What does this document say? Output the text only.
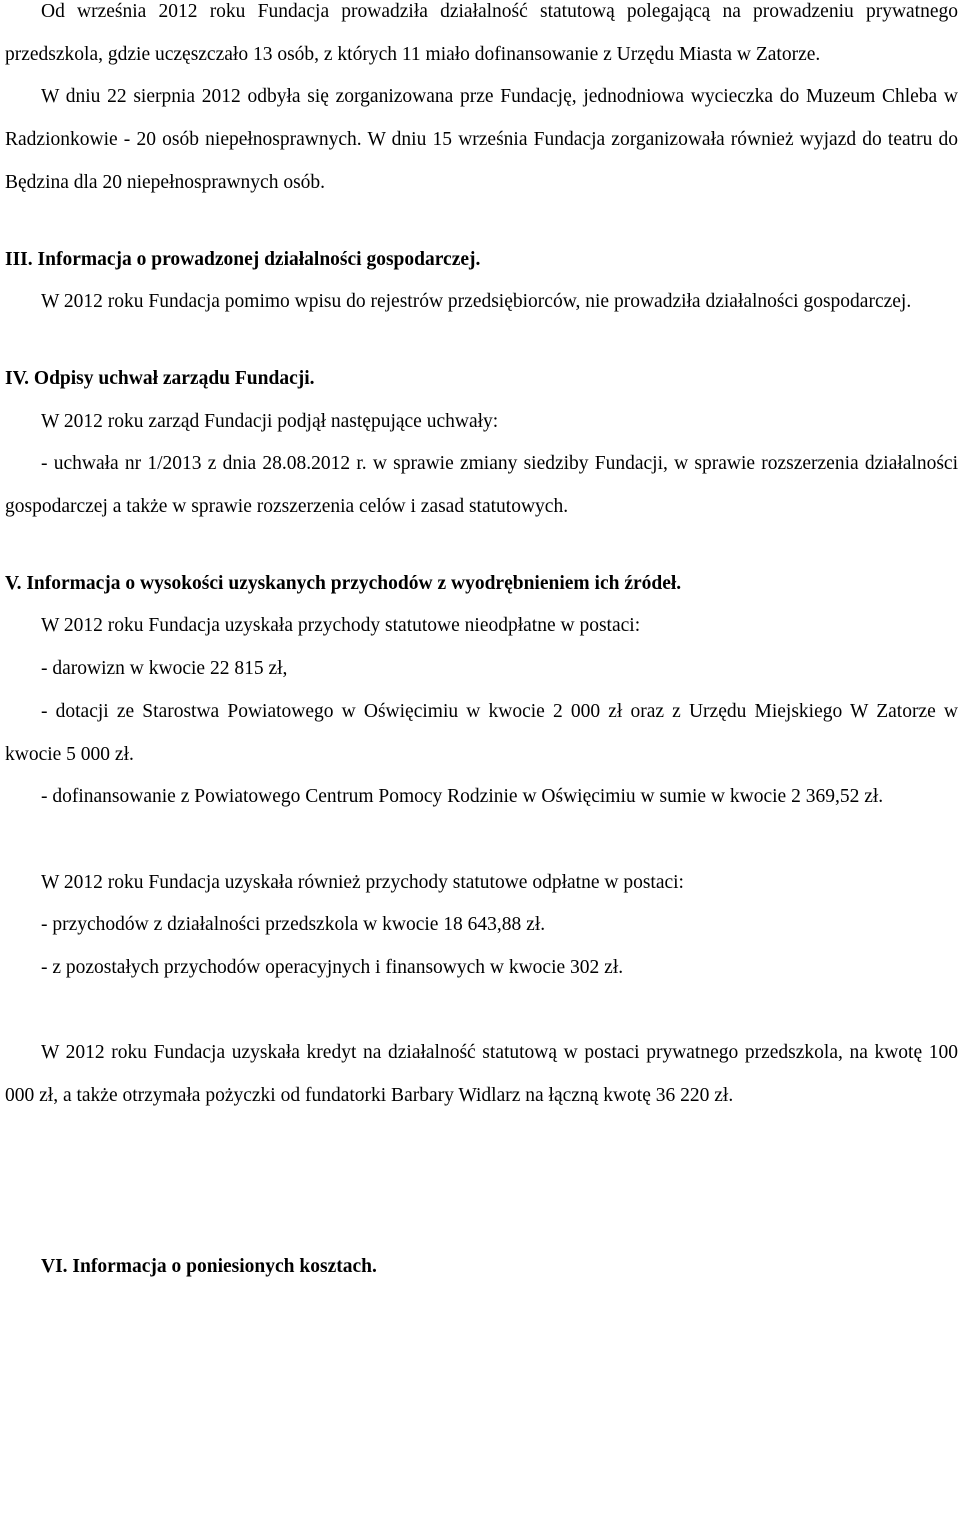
Od września 2012 roku Fundacja prowadziła działalność statutową polegającą na prowadzeniu prywatnego przedszkola, gdzie uczęszczało 13 osób, z których 11 miało dofinansowanie z Urzędu Miasta w Zatorze.

W dniu 22 sierpnia 2012 odbyła się zorganizowana prze Fundację, jednodniowa wycieczka do Muzeum Chleba w Radzionkowie - 20 osób niepełnosprawnych. W dniu 15 września Fundacja zorganizowała również wyjazd do teatru do Będzina dla 20 niepełnosprawnych osób.

III. Informacja o prowadzonej działalności gospodarczej.

W 2012 roku Fundacja pomimo wpisu do rejestrów przedsiębiorców, nie prowadziła działalności gospodarczej.

IV. Odpisy uchwał zarządu Fundacji.

W 2012 roku zarząd Fundacji podjął następujące uchwały:

- uchwała nr 1/2013 z dnia 28.08.2012 r. w sprawie zmiany siedziby Fundacji, w sprawie rozszerzenia działalności gospodarczej a także w sprawie rozszerzenia celów i zasad statutowych.

V. Informacja o wysokości uzyskanych przychodów z wyodrębnieniem ich źródeł.

W 2012 roku Fundacja uzyskała przychody statutowe nieodpłatne w postaci:

- darowizn w kwocie 22 815 zł,

- dotacji ze Starostwa Powiatowego w Oświęcimiu w kwocie 2 000 zł oraz z Urzędu Miejskiego W Zatorze w kwocie 5 000 zł.

- dofinansowanie z Powiatowego Centrum Pomocy Rodzinie w Oświęcimiu w sumie w kwocie 2 369,52 zł.

W 2012 roku Fundacja uzyskała również przychody statutowe odpłatne w postaci:

- przychodów z działalności przedszkola w kwocie 18 643,88 zł.

- z pozostałych przychodów operacyjnych i finansowych w kwocie 302 zł.

W 2012 roku Fundacja uzyskała kredyt na działalność statutową w postaci prywatnego przedszkola, na kwotę 100 000 zł, a także otrzymała pożyczki od fundatorki Barbary Widlarz na łączną kwotę 36 220 zł.

VI. Informacja o poniesionych kosztach.
